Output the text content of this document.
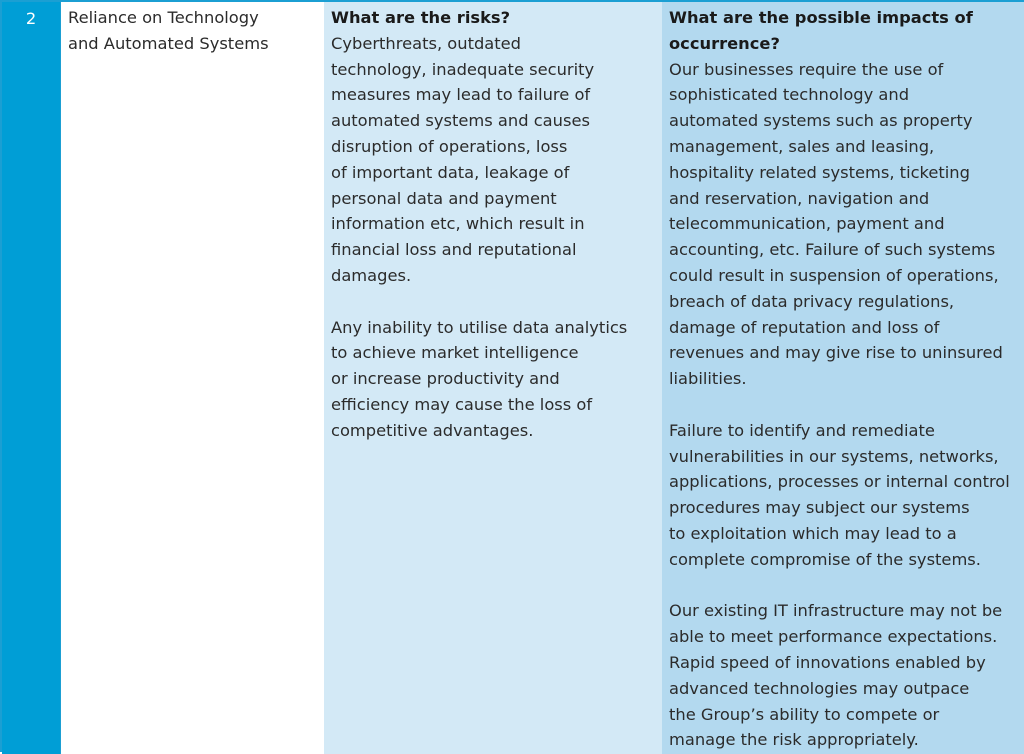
2	Reliance on Technology
and Automated Systems
What are the risks?
Cyberthreats, outdated
technology, inadequate security
measures may lead to failure of
automated systems and causes
disruption of operations, loss
of important data, leakage of
personal data and payment
information etc, which result in
financial loss and reputational
damages.
Any inability to utilise data analytics
to achieve market intelligence
or increase productivity and
efficiency may cause the loss of
competitive advantages.
What are the possible impacts of
occurrence?
Our businesses require the use of
sophisticated technology and
automated systems such as property
management, sales and leasing,
hospitality related systems, ticketing
and reservation, navigation and
telecommunication, payment and
accounting, etc. Failure of such systems
could result in suspension of operations,
breach of data privacy regulations,
damage of reputation and loss of
revenues and may give rise to uninsured
liabilities.
Failure to identify and remediate
vulnerabilities in our systems, networks,
applications, processes or internal control
procedures may subject our systems
to exploitation which may lead to a
complete compromise of the systems.
Our existing IT infrastructure may not be
able to meet performance expectations.
Rapid speed of innovations enabled by
advanced technologies may outpace
the Group’s ability to compete or
manage the risk appropriately.
